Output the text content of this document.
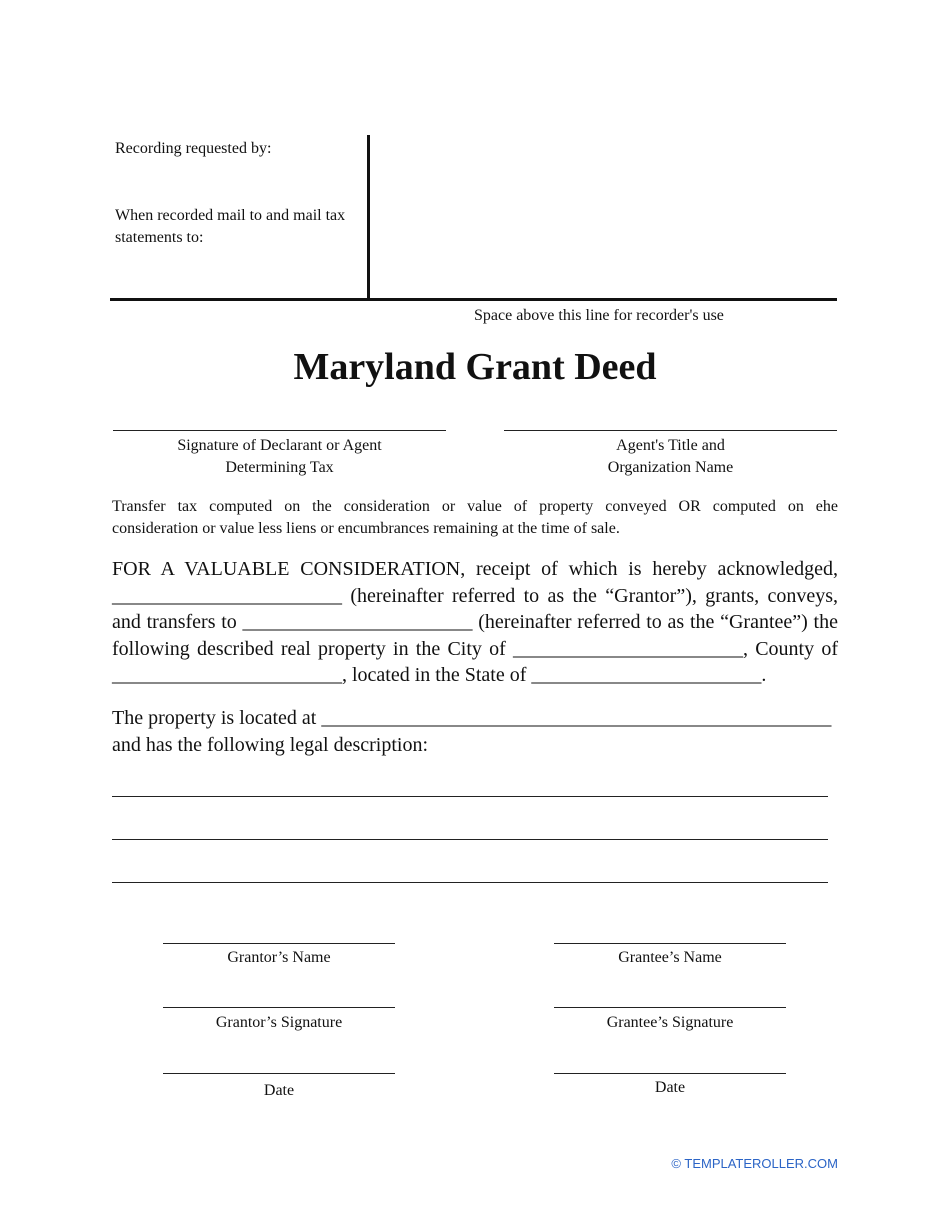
Recording requested by:
When recorded mail to and mail tax
statements to:
Space above this line for recorder's use
Maryland Grant Deed
Signature of Declarant or Agent
Determining Tax
Agent's Title and
Organization Name
Transfer tax computed on the consideration or value of property conveyed OR computed on ehe
consideration or value less liens or encumbrances remaining at the time of sale.
FOR A VALUABLE CONSIDERATION, receipt of which is hereby acknowledged,
_______________________ (hereinafter referred to as the “Grantor”), grants, conveys,
and transfers to _______________________ (hereinafter referred to as the “Grantee”) the
following described real property in the City of _______________________, County of
_______________________, located in the State of _______________________.
The property is located at ___________________________________________________
and has the following legal description:
Grantor’s Name	Grantee’s Name
Grantor’s Signature	Grantee’s Signature
Date	Date
© TEMPLATEROLLER.COM
